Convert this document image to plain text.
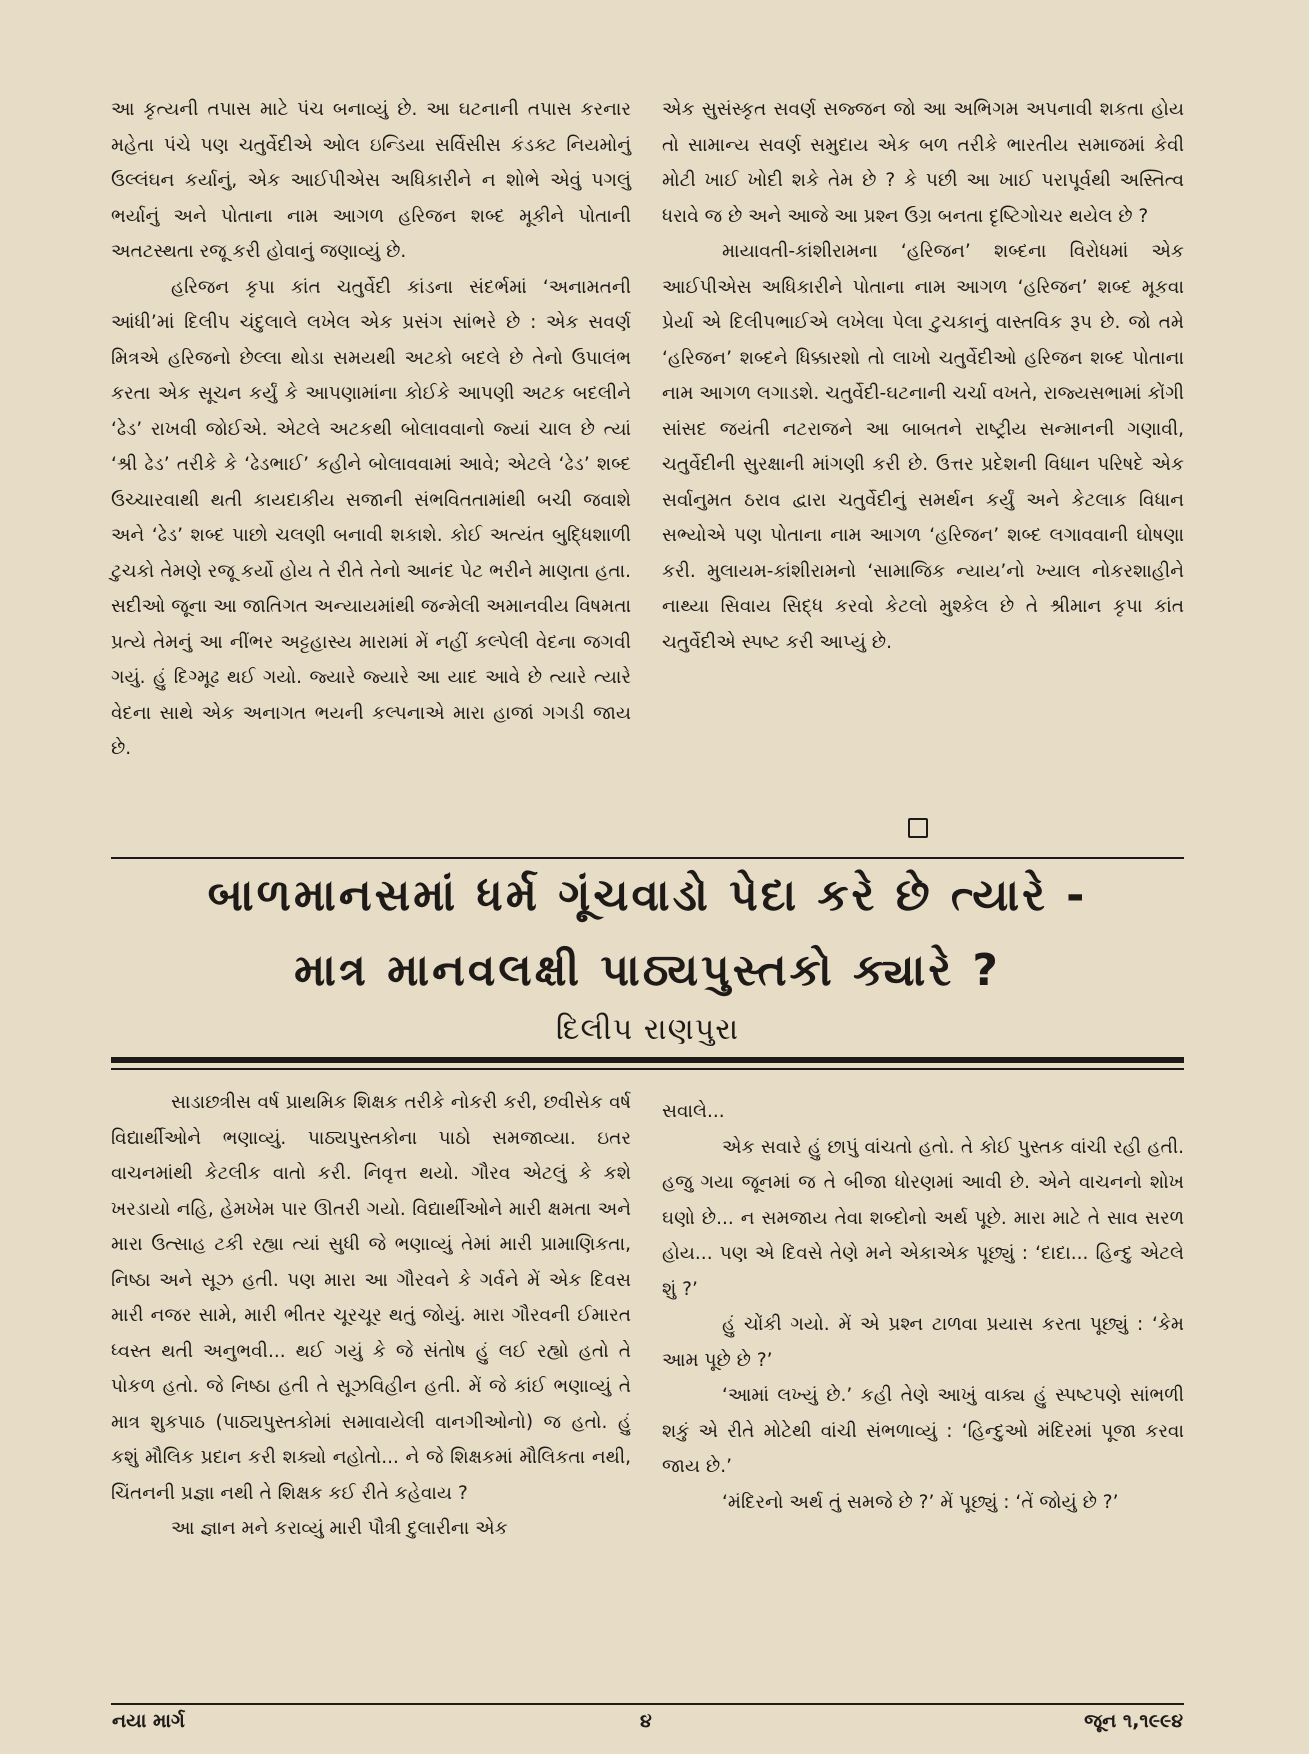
આ કૃત્યની તપાસ માટે પંચ બનાવ્યું છે. આ ઘટનાની તપાસ કરનાર મહેતા પંચે પણ ચતુર્વેદીએ ઓલ ઇન્ડિયા સર્વિસીસ કંડક્ટ નિયમોનું ઉલ્લંઘન કર્યાનું, એક આઈપીએસ અધિકારીને ન શોભે એવું પગલું ભર્યાનું અને પોતાના નામ આગળ હરિજન શબ્દ મૂકીને પોતાની અતટસ્થતા રજૂ કરી હોવાનું જણાવ્યું છે.

હરિજન કૃપા કાંત ચતુર્વેદી કાંડના સંદર્ભમાં ‘અનામતની આંધી’માં દિલીપ ચંદુલાલે લખેલ એક પ્રસંગ સાંભરે છે : એક સવર્ણ મિત્રએ હરિજનો છેલ્લા થોડા સમયથી અટકો બદલે છે તેનો ઉપાલંભ કરતા એક સૂચન કર્યું કે આપણામાંના કોઈકે આપણી અટક બદલીને ‘ઢેડ’ રાખવી જોઈએ. એટલે અટકથી બોલાવવાનો જ્યાં ચાલ છે ત્યાં ‘શ્રી ઢેડ’ તરીકે કે ‘ઢેડભાઈ’ કહીને બોલાવવામાં આવે; એટલે ‘ઢેડ’ શબ્દ ઉચ્ચારવાથી થતી કાયદાકીય સજાની સંભવિતતામાંથી બચી જવાશે અને ‘ઢેડ’ શબ્દ પાછો ચલણી બનાવી શકાશે. કોઈ અત્યંત બુદ્ધિશાળી ટુચકો તેમણે રજૂ કર્યો હોય તે રીતે તેનો આનંદ પેટ ભરીને માણતા હતા. સદીઓ જૂના આ જાતિગત અન્યાયમાંથી જન્મેલી અમાનવીય વિષમતા પ્રત્યે તેમનું આ નીંભર અટ્ટહાસ્ય મારામાં મેં નહીં કલ્પેલી વેદના જગવી ગયું. હું દિગ્મૂઢ થઈ ગયો. જ્યારે જ્યારે આ યાદ આવે છે ત્યારે ત્યારે વેદના સાથે એક અનાગત ભયની કલ્પનાએ મારા હાજાં ગગડી જાય છે.

એક સુસંસ્કૃત સવર્ણ સજ્જન જો આ અભિગમ અપનાવી શકતા હોય તો સામાન્ય સવર્ણ સમુદાય એક બળ તરીકે ભારતીય સમાજમાં કેવી મોટી ખાઈ ખોદી શકે તેમ છે ? કે પછી આ ખાઈ પરાપૂર્વથી અસ્તિત્વ ધરાવે જ છે અને આજે આ પ્રશ્ન ઉગ્ર બનતા દૃષ્ટિગોચર થયેલ છે ?

માયાવતી-કાંશીરામના ‘હરિજન’ શબ્દના વિરોધમાં એક આઈપીએસ અધિકારીને પોતાના નામ આગળ ‘હરિજન’ શબ્દ મૂકવા પ્રેર્યા એ દિલીપભાઈએ લખેલા પેલા ટુચકાનું વાસ્તવિક રૂપ છે. જો તમે ‘હરિજન’ શબ્દને ધિક્કારશો તો લાખો ચતુર્વેદીઓ હરિજન શબ્દ પોતાના નામ આગળ લગાડશે. ચતુર્વેદી-ઘટનાની ચર્ચા વખતે, રાજ્યસભામાં કોંગી સાંસદ જયંતી નટરાજને આ બાબતને રાષ્ટ્રીય સન્માનની ગણાવી, ચતુર્વેદીની સુરક્ષાની માંગણી કરી છે. ઉત્તર પ્રદેશની વિધાન પરિષદે એક સર્વાનુમત ઠરાવ દ્વારા ચતુર્વેદીનું સમર્થન કર્યું અને કેટલાક વિધાન સભ્યોએ પણ પોતાના નામ આગળ ‘હરિજન’ શબ્દ લગાવવાની ઘોષણા કરી. મુલાયમ-કાંશીરામનો ‘સામાજિક ન્યાય’નો ખ્યાલ નોકરશાહીને નાથ્યા સિવાય સિદ્ધ કરવો કેટલો મુશ્કેલ છે તે શ્રીમાન કૃપા કાંત ચતુર્વેદીએ સ્પષ્ટ કરી આપ્યું છે.

બાળમાનસમાં ધર્મ ગૂંચવાડો પેદા કરે છે ત્યારે -
માત્ર માનવલક્ષી પાઠ્યપુસ્તકો ક્યારે ?

દિલીપ રાણપુરા

સાડાછત્રીસ વર્ષ પ્રાથમિક શિક્ષક તરીકે નોકરી કરી, છવીસેક વર્ષ વિદ્યાર્થીઓને ભણાવ્યું. પાઠ્યપુસ્તકોના પાઠો સમજાવ્યા. ઇતર વાચનમાંથી કેટલીક વાતો કરી. નિવૃત્ત થયો. ગૌરવ એટલું કે કશે ખરડાયો નહિ, હેમખેમ પાર ઊતરી ગયો. વિદ્યાર્થીઓને મારી ક્ષમતા અને મારા ઉત્સાહ ટકી રહ્યા ત્યાં સુધી જે ભણાવ્યું તેમાં મારી પ્રામાણિકતા, નિષ્ઠા અને સૂઝ હતી. પણ મારા આ ગૌરવને કે ગર્વને મેં એક દિવસ મારી નજર સામે, મારી ભીતર ચૂરચૂર થતું જોયું. મારા ગૌરવની ઈમારત ધ્વસ્ત થતી અનુભવી... થઈ ગયું કે જે સંતોષ હું લઈ રહ્યો હતો તે પોકળ હતો. જે નિષ્ઠા હતી તે સૂઝવિહીન હતી. મેં જે કાંઈ ભણાવ્યું તે માત્ર શુકપાઠ (પાઠ્યપુસ્તકોમાં સમાવાયેલી વાનગીઓનો) જ હતો. હું કશું મૌલિક પ્રદાન કરી શક્યો નહોતો... ને જે શિક્ષકમાં મૌલિકતા નથી, ચિંતનની પ્રજ્ઞા નથી તે શિક્ષક કઈ રીતે કહેવાય ?

આ જ્ઞાન મને કરાવ્યું મારી પૌત્રી દુલારીના એક

સવાલે...

એક સવારે હું છાપું વાંચતો હતો. તે કોઈ પુસ્તક વાંચી રહી હતી. હજુ ગયા જૂનમાં જ તે બીજા ધોરણમાં આવી છે. એને વાચનનો શોખ ઘણો છે... ન સમજાય તેવા શબ્દોનો અર્થ પૂછે. મારા માટે તે સાવ સરળ હોય... પણ એ દિવસે તેણે મને એકાએક પૂછ્યું : ‘દાદા... હિન્દુ એટલે શું ?’

હું ચોંકી ગયો. મેં એ પ્રશ્ન ટાળવા પ્રયાસ કરતા પૂછ્યું : ‘કેમ આમ પૂછે છે ?’

‘આમાં લખ્યું છે.’ કહી તેણે આખું વાક્ય હું સ્પષ્ટપણે સાંભળી શકું એ રીતે મોટેથી વાંચી સંભળાવ્યું : ‘હિન્દુઓ મંદિરમાં પૂજા કરવા જાય છે.’

‘મંદિરનો અર્થ તું સમજે છે ?’ મેં પૂછ્યું : ‘તેં જોયું છે ?’

નયા માર્ગ	૪	જૂન ૧,૧૯૯૪
